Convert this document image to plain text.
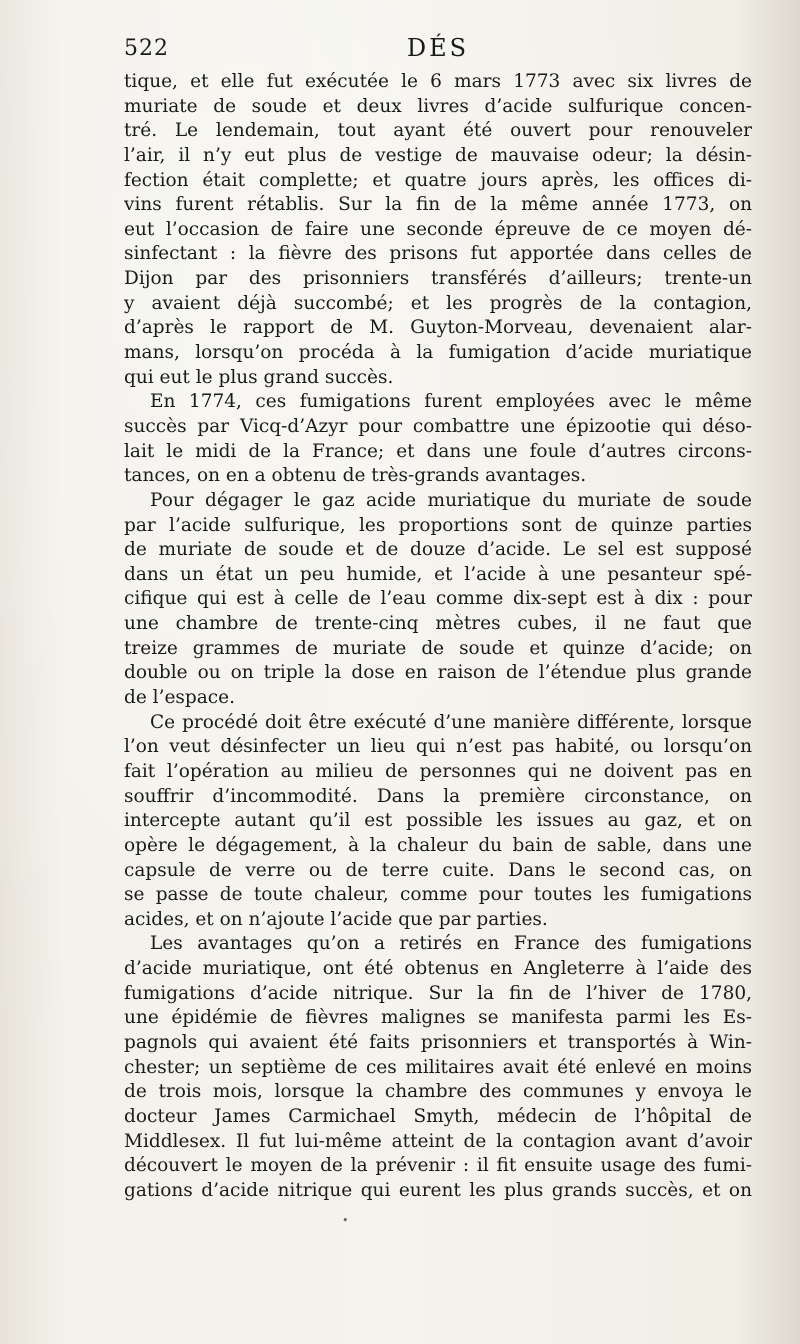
522	DÉS
tique, et elle fut exécutée le 6 mars 1773 avec six livres de
muriate de soude et deux livres d’acide sulfurique concen-
tré. Le lendemain, tout ayant été ouvert pour renouveler
l’air, il n’y eut plus de vestige de mauvaise odeur; la désin-
fection était complette; et quatre jours après, les offices di-
vins furent rétablis. Sur la fin de la même année 1773, on
eut l’occasion de faire une seconde épreuve de ce moyen dé-
sinfectant : la fièvre des prisons fut apportée dans celles de
Dijon par des prisonniers transférés d’ailleurs; trente-un
y avaient déjà succombé; et les progrès de la contagion,
d’après le rapport de M. Guyton-Morveau, devenaient alar-
mans, lorsqu’on procéda à la fumigation d’acide muriatique
qui eut le plus grand succès.
En 1774, ces fumigations furent employées avec le même
succès par Vicq-d’Azyr pour combattre une épizootie qui déso-
lait le midi de la France; et dans une foule d’autres circons-
tances, on en a obtenu de très-grands avantages.
Pour dégager le gaz acide muriatique du muriate de soude
par l’acide sulfurique, les proportions sont de quinze parties
de muriate de soude et de douze d’acide. Le sel est supposé
dans un état un peu humide, et l’acide à une pesanteur spé-
cifique qui est à celle de l’eau comme dix-sept est à dix : pour
une chambre de trente-cinq mètres cubes, il ne faut que
treize grammes de muriate de soude et quinze d’acide; on
double ou on triple la dose en raison de l’étendue plus grande
de l’espace.
Ce procédé doit être exécuté d’une manière différente, lorsque
l’on veut désinfecter un lieu qui n’est pas habité, ou lorsqu’on
fait l’opération au milieu de personnes qui ne doivent pas en
souffrir d’incommodité. Dans la première circonstance, on
intercepte autant qu’il est possible les issues au gaz, et on
opère le dégagement, à la chaleur du bain de sable, dans une
capsule de verre ou de terre cuite. Dans le second cas, on
se passe de toute chaleur, comme pour toutes les fumigations
acides, et on n’ajoute l’acide que par parties.
Les avantages qu’on a retirés en France des fumigations
d’acide muriatique, ont été obtenus en Angleterre à l’aide des
fumigations d’acide nitrique. Sur la fin de l’hiver de 1780,
une épidémie de fièvres malignes se manifesta parmi les Es-
pagnols qui avaient été faits prisonniers et transportés à Win-
chester; un septième de ces militaires avait été enlevé en moins
de trois mois, lorsque la chambre des communes y envoya le
docteur James Carmichael Smyth, médecin de l’hôpital de
Middlesex. Il fut lui-même atteint de la contagion avant d’avoir
découvert le moyen de la prévenir : il fit ensuite usage des fumi-
gations d’acide nitrique qui eurent les plus grands succès, et on
•
